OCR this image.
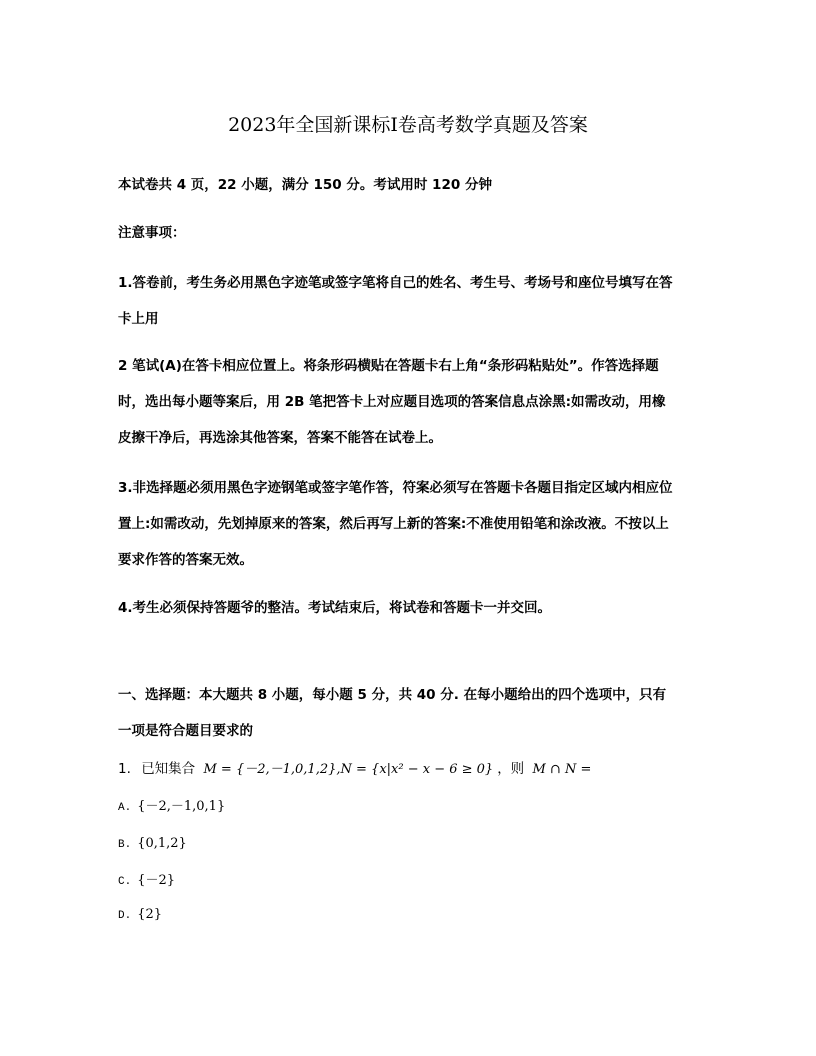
2023年全国新课标Ⅰ卷高考数学真题及答案
本试卷共 4 页，22 小题，满分 150 分。考试用时 120 分钟
注意事项：
1.答卷前，考生务必用黑色字迹笔或签字笔将自己的姓名、考生号、考场号和座位号填写在答
卡上用
2 笔试(A)在答卡相应位置上。将条形码横贴在答题卡右上角“条形码粘贴处”。作答选择题
时，选出每小题等案后，用 2B 笔把答卡上对应题目选项的答案信息点涂黑:如需改动，用橡
皮擦干净后，再选涂其他答案，答案不能答在试卷上。
3.非选择题必须用黑色字迹钢笔或签字笔作答，符案必须写在答题卡各题目指定区域内相应位
置上:如需改动，先划掉原来的答案，然后再写上新的答案:不准使用铅笔和涂改液。不按以上
要求作答的答案无效。
4.考生必须保持答题爷的整洁。考试结束后，将试卷和答题卡一并交回。
一、选择题：本大题共 8 小题，每小题 5 分，共 40 分. 在每小题给出的四个选项中，只有
一项是符合题目要求的
1. 已知集合 M = {－2,－1,0,1,2},N = {x|x² − x − 6 ≥ 0} ，则 M ∩ N =
A. {－2,－1,0,1}
B. {0,1,2}
C. {－2}
D. {2}
